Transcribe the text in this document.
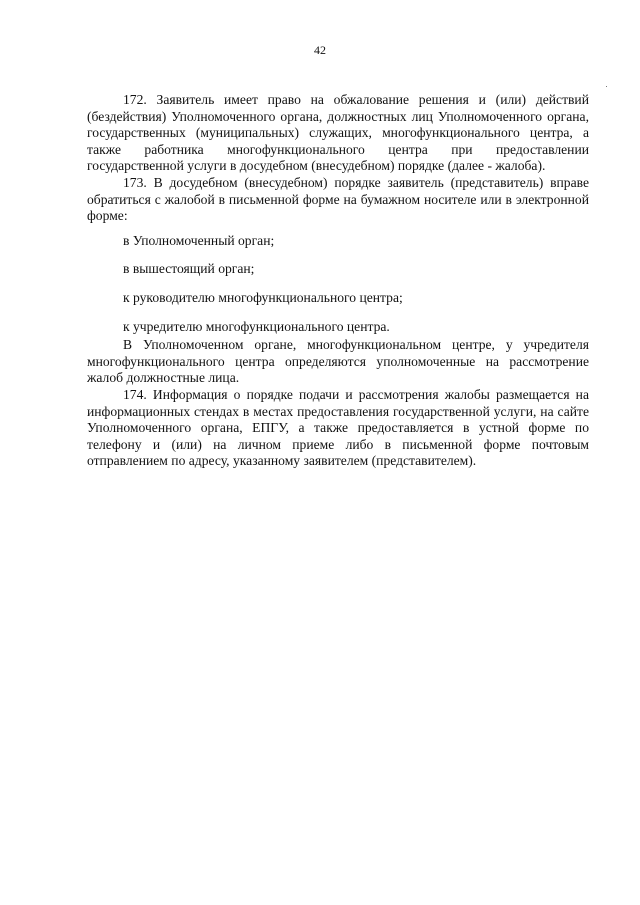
42

172. Заявитель имеет право на обжалование решения и (или) действий (бездействия) Уполномоченного органа, должностных лиц Уполномоченного органа, государственных (муниципальных) служащих, многофункционального центра, а также работника многофункционального центра при предоставлении государственной услуги в досудебном (внесудебном) порядке (далее - жалоба).

173. В досудебном (внесудебном) порядке заявитель (представитель) вправе обратиться с жалобой в письменной форме на бумажном носителе или в электронной форме:

в Уполномоченный орган;

в вышестоящий орган;

к руководителю многофункционального центра;

к учредителю многофункционального центра.

В Уполномоченном органе, многофункциональном центре, у учредителя многофункционального центра определяются уполномоченные на рассмотрение жалоб должностные лица.

174. Информация о порядке подачи и рассмотрения жалобы размещается на информационных стендах в местах предоставления государственной услуги, на сайте Уполномоченного органа, ЕПГУ, а также предоставляется в устной форме по телефону и (или) на личном приеме либо в письменной форме почтовым отправлением по адресу, указанному заявителем (представителем).
